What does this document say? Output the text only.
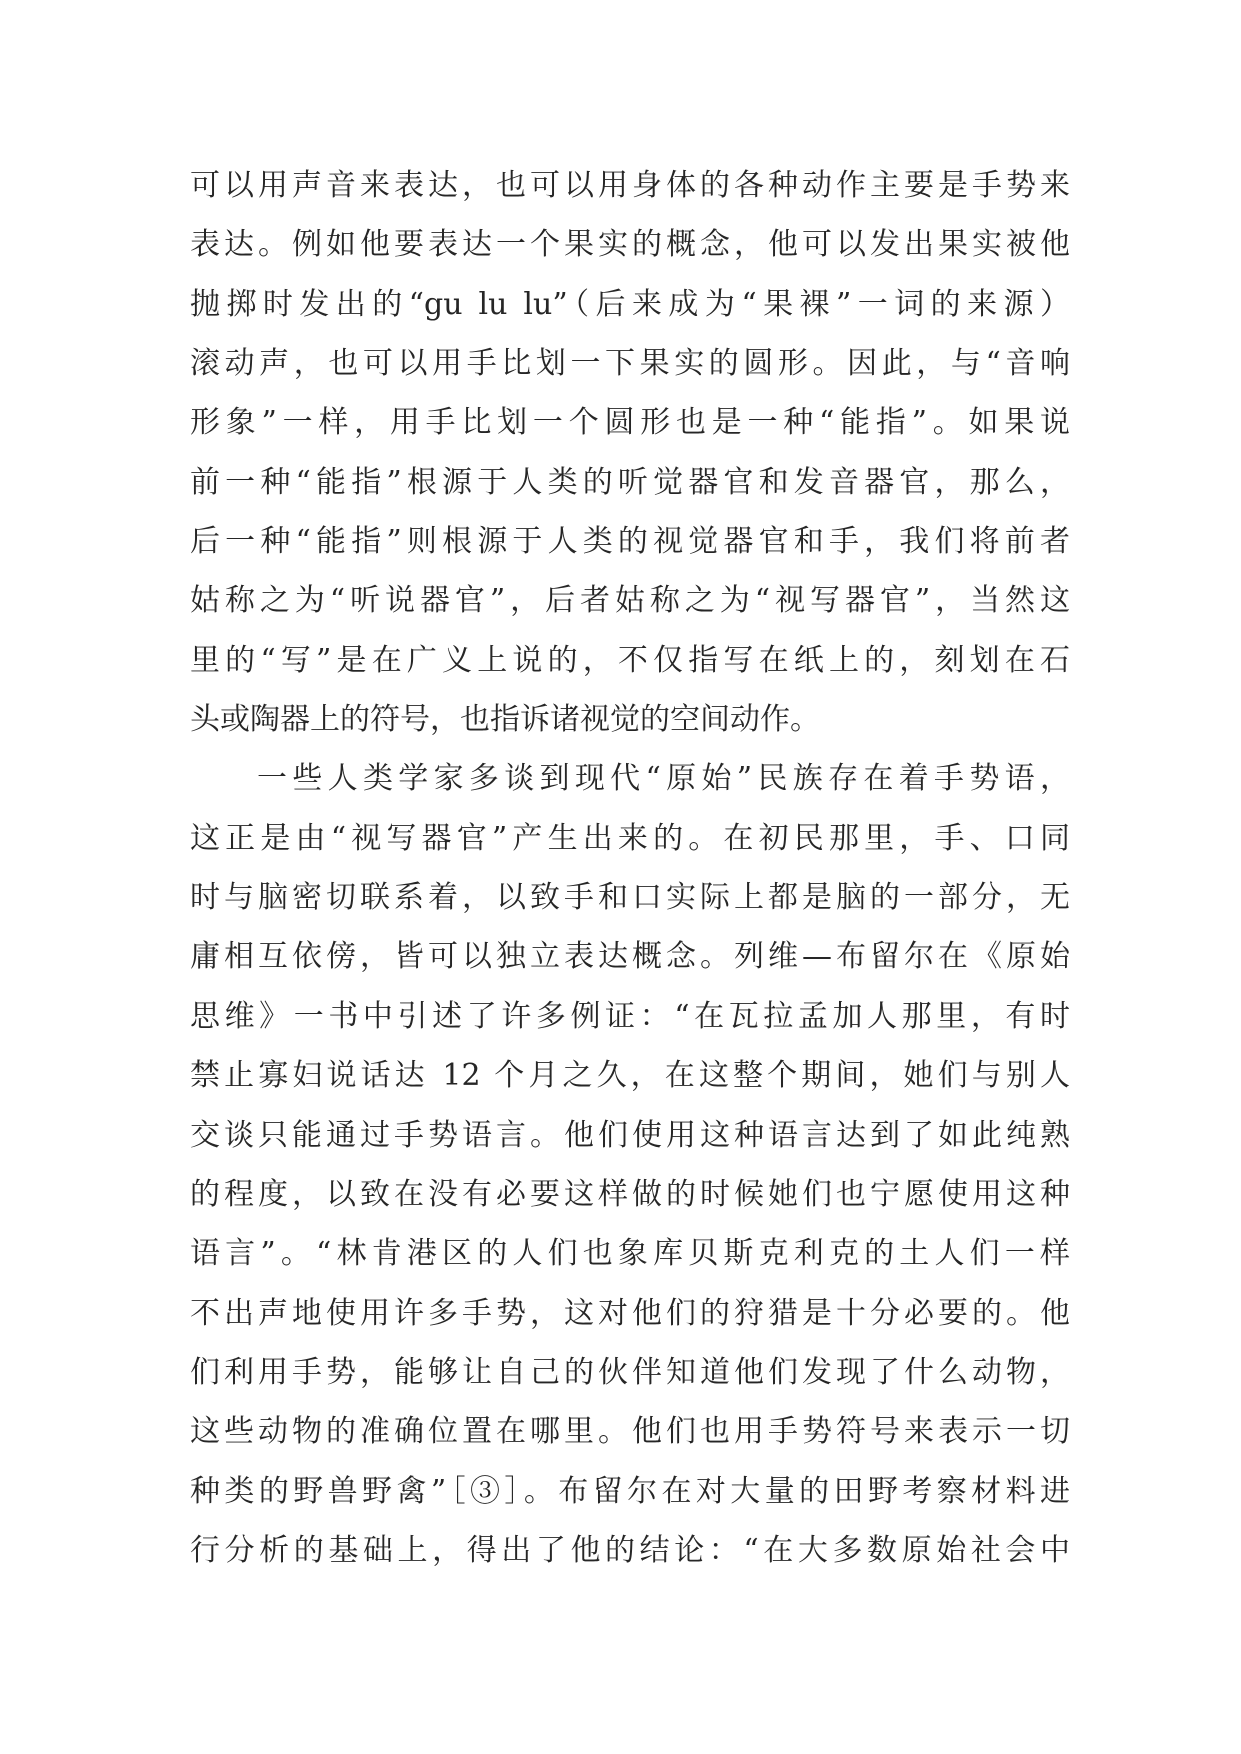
可以用声音来表达，也可以用身体的各种动作主要是手势来
表达。例如他要表达一个果实的概念，他可以发出果实被他
抛掷时发出的“gu lu lu”（后来成为“果裸”一词的来源）
滚动声，也可以用手比划一下果实的圆形。因此，与“音响
形象”一样，用手比划一个圆形也是一种“能指”。如果说
前一种“能指”根源于人类的听觉器官和发音器官，那么，
后一种“能指”则根源于人类的视觉器官和手，我们将前者
姑称之为“听说器官”，后者姑称之为“视写器官”，当然这
里的“写”是在广义上说的，不仅指写在纸上的，刻划在石
头或陶器上的符号，也指诉诸视觉的空间动作。
一些人类学家多谈到现代“原始”民族存在着手势语，
这正是由“视写器官”产生出来的。在初民那里，手、口同
时与脑密切联系着，以致手和口实际上都是脑的一部分，无
庸相互依傍，皆可以独立表达概念。列维—布留尔在《原始
思维》一书中引述了许多例证：“在瓦拉孟加人那里，有时
禁止寡妇说话达 12 个月之久，在这整个期间，她们与别人
交谈只能通过手势语言。他们使用这种语言达到了如此纯熟
的程度，以致在没有必要这样做的时候她们也宁愿使用这种
语言”。“林肯港区的人们也象库贝斯克利克的土人们一样
不出声地使用许多手势，这对他们的狩猎是十分必要的。他
们利用手势，能够让自己的伙伴知道他们发现了什么动物，
这些动物的准确位置在哪里。他们也用手势符号来表示一切
种类的野兽野禽”［③］。布留尔在对大量的田野考察材料进
行分析的基础上，得出了他的结论：“在大多数原始社会中
